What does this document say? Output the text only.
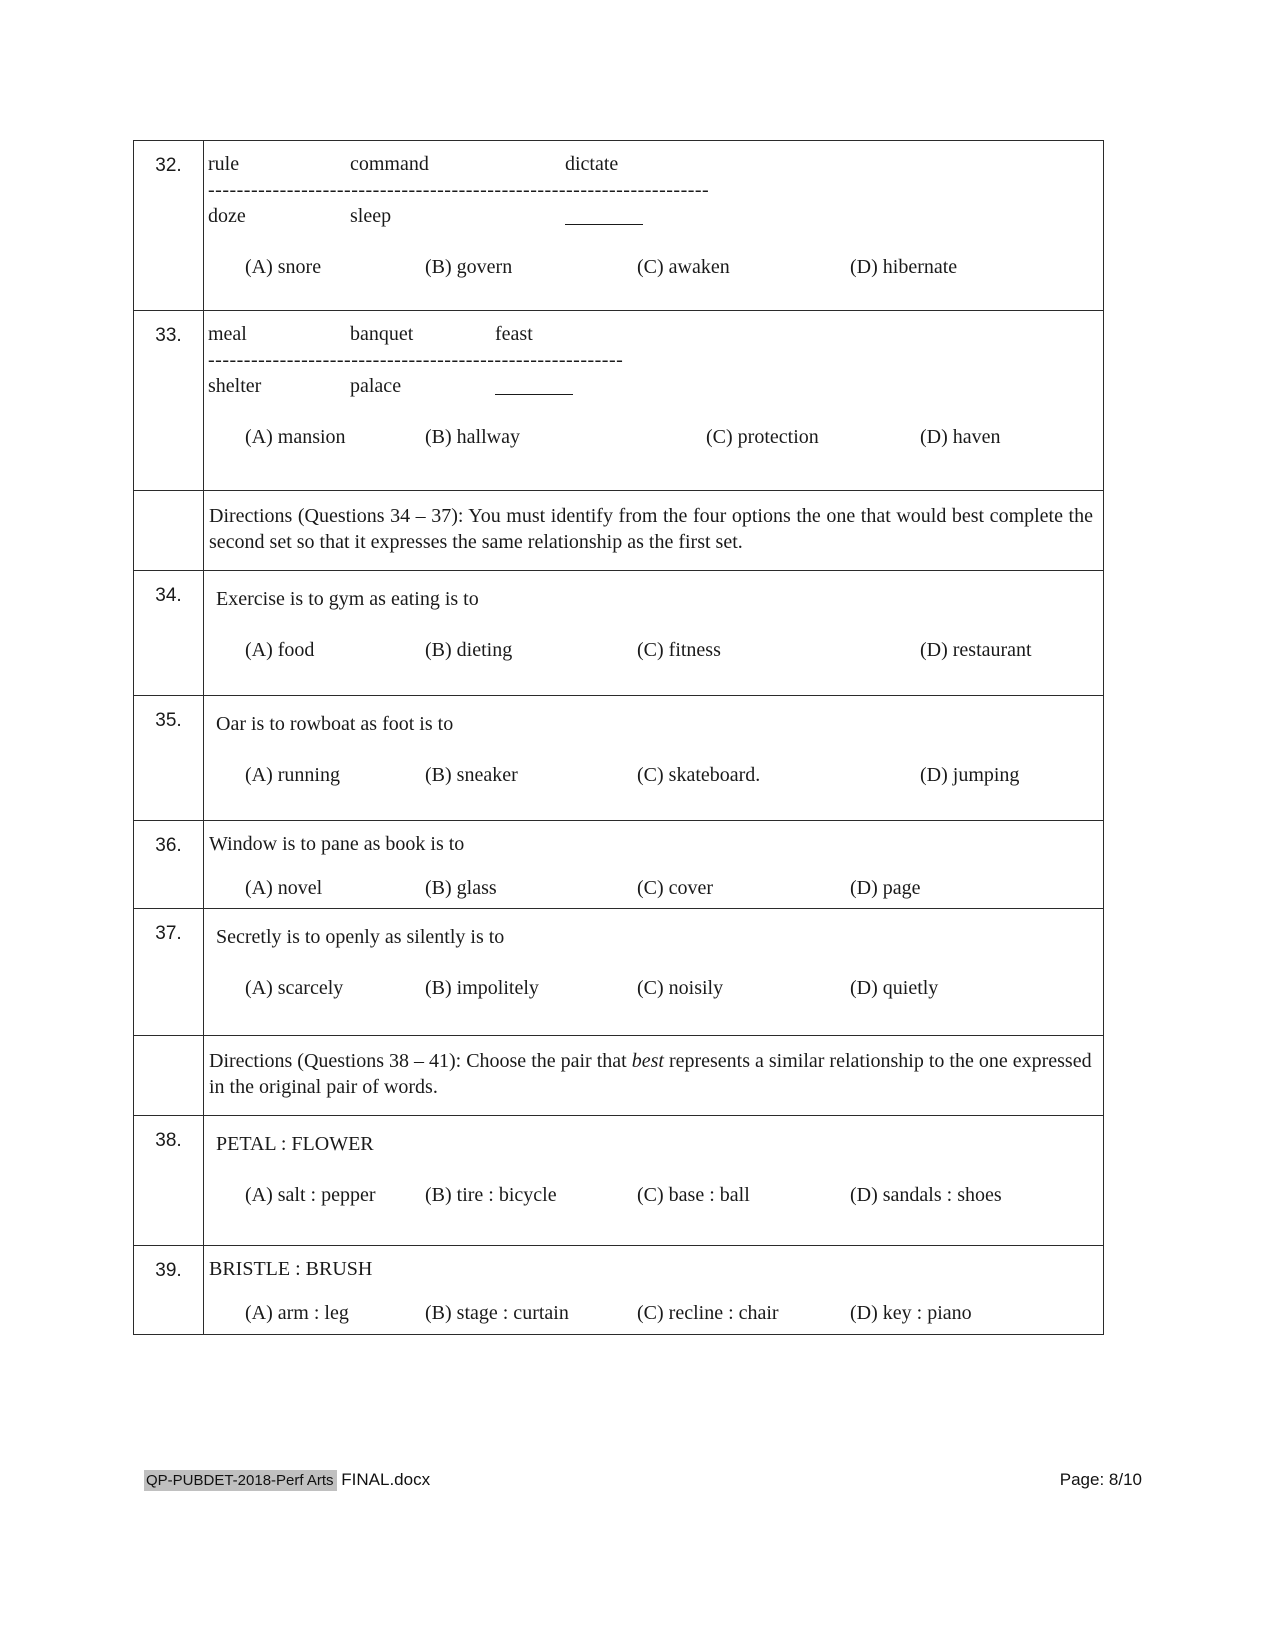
32.	rule	command	dictate
----------------------------------------------------------------------
doze	sleep
(A) snore	(B) govern	(C) awaken	(D) hibernate
33.	meal	banquet	feast
----------------------------------------------------------
shelter	palace
(A) mansion	(B) hallway	(C) protection	(D) haven
Directions (Questions 34 – 37): You must identify from the four options the one that would best complete the second set so that it expresses the same relationship as the first set.
34.	Exercise is to gym as eating is to
(A) food	(B) dieting	(C) fitness	(D) restaurant
35.	Oar is to rowboat as foot is to
(A) running	(B) sneaker	(C) skateboard.	(D) jumping
36.	Window is to pane as book is to
(A) novel	(B) glass	(C) cover	(D) page
37.	Secretly is to openly as silently is to
(A) scarcely	(B) impolitely	(C) noisily	(D) quietly
Directions (Questions 38 – 41): Choose the pair that best represents a similar relationship to the one expressed in the original pair of words.
38.	PETAL : FLOWER
(A) salt : pepper	(B) tire : bicycle	(C) base : ball	(D) sandals : shoes
39.	BRISTLE : BRUSH
(A) arm : leg	(B) stage : curtain	(C) recline : chair	(D) key : piano
QP-PUBDET-2018-Perf Arts FINAL.docx	Page: 8/10
